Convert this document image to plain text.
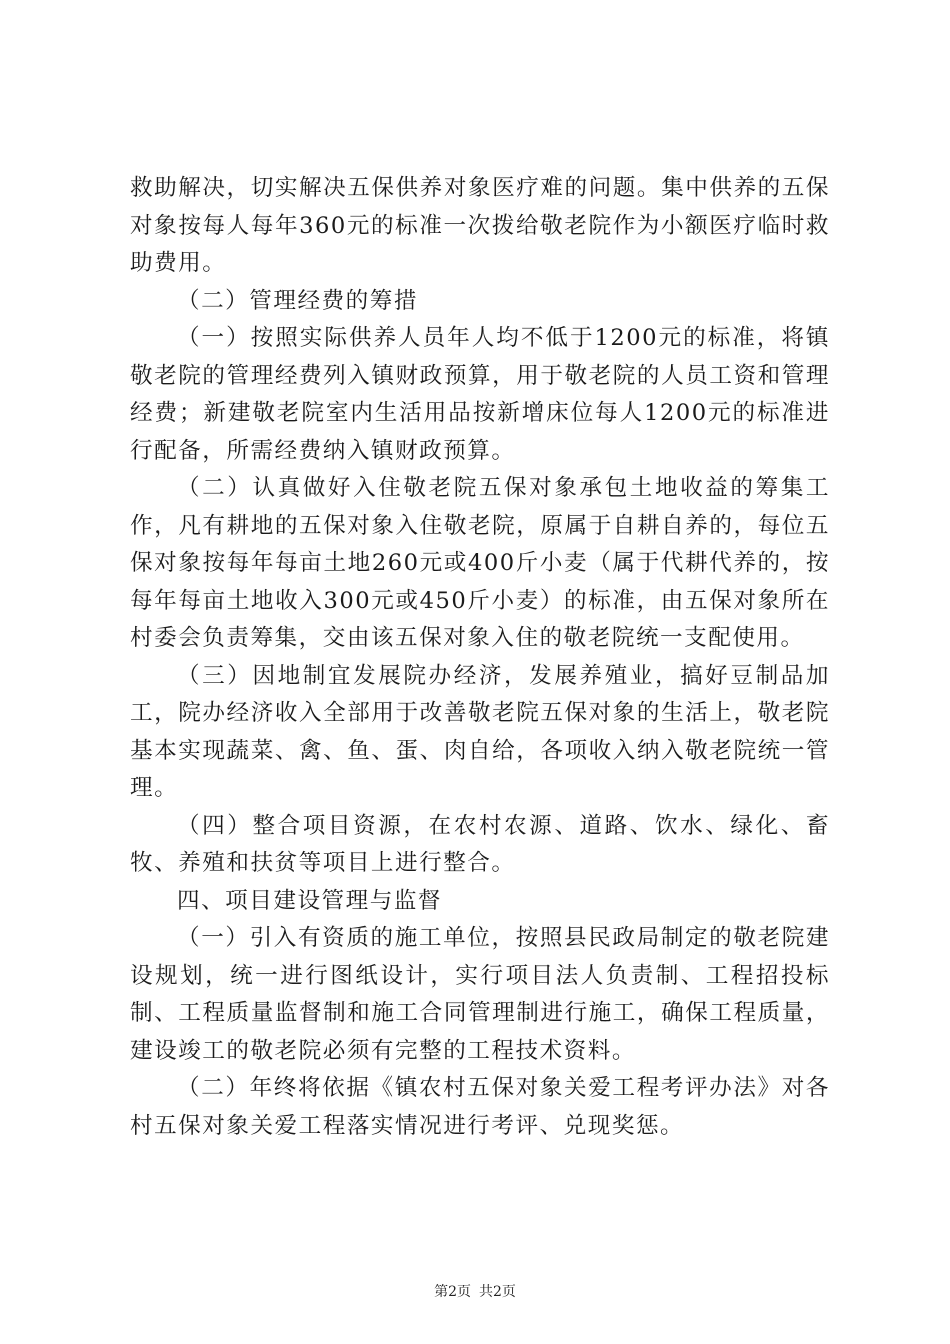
救助解决，切实解决五保供养对象医疗难的问题。集中供养的五保对象按每人每年360元的标准一次拨给敬老院作为小额医疗临时救助费用。

（二）管理经费的筹措

（一）按照实际供养人员年人均不低于1200元的标准，将镇敬老院的管理经费列入镇财政预算，用于敬老院的人员工资和管理经费；新建敬老院室内生活用品按新增床位每人1200元的标准进行配备，所需经费纳入镇财政预算。

（二）认真做好入住敬老院五保对象承包土地收益的筹集工作，凡有耕地的五保对象入住敬老院，原属于自耕自养的，每位五保对象按每年每亩土地260元或400斤小麦（属于代耕代养的，按每年每亩土地收入300元或450斤小麦）的标准，由五保对象所在村委会负责筹集，交由该五保对象入住的敬老院统一支配使用。

（三）因地制宜发展院办经济，发展养殖业，搞好豆制品加工，院办经济收入全部用于改善敬老院五保对象的生活上，敬老院基本实现蔬菜、禽、鱼、蛋、肉自给，各项收入纳入敬老院统一管理。

（四）整合项目资源，在农村农源、道路、饮水、绿化、畜牧、养殖和扶贫等项目上进行整合。

四、项目建设管理与监督

（一）引入有资质的施工单位，按照县民政局制定的敬老院建设规划，统一进行图纸设计，实行项目法人负责制、工程招投标制、工程质量监督制和施工合同管理制进行施工，确保工程质量，建设竣工的敬老院必须有完整的工程技术资料。

（二）年终将依据《镇农村五保对象关爱工程考评办法》对各村五保对象关爱工程落实情况进行考评、兑现奖惩。

第2页 共2页
